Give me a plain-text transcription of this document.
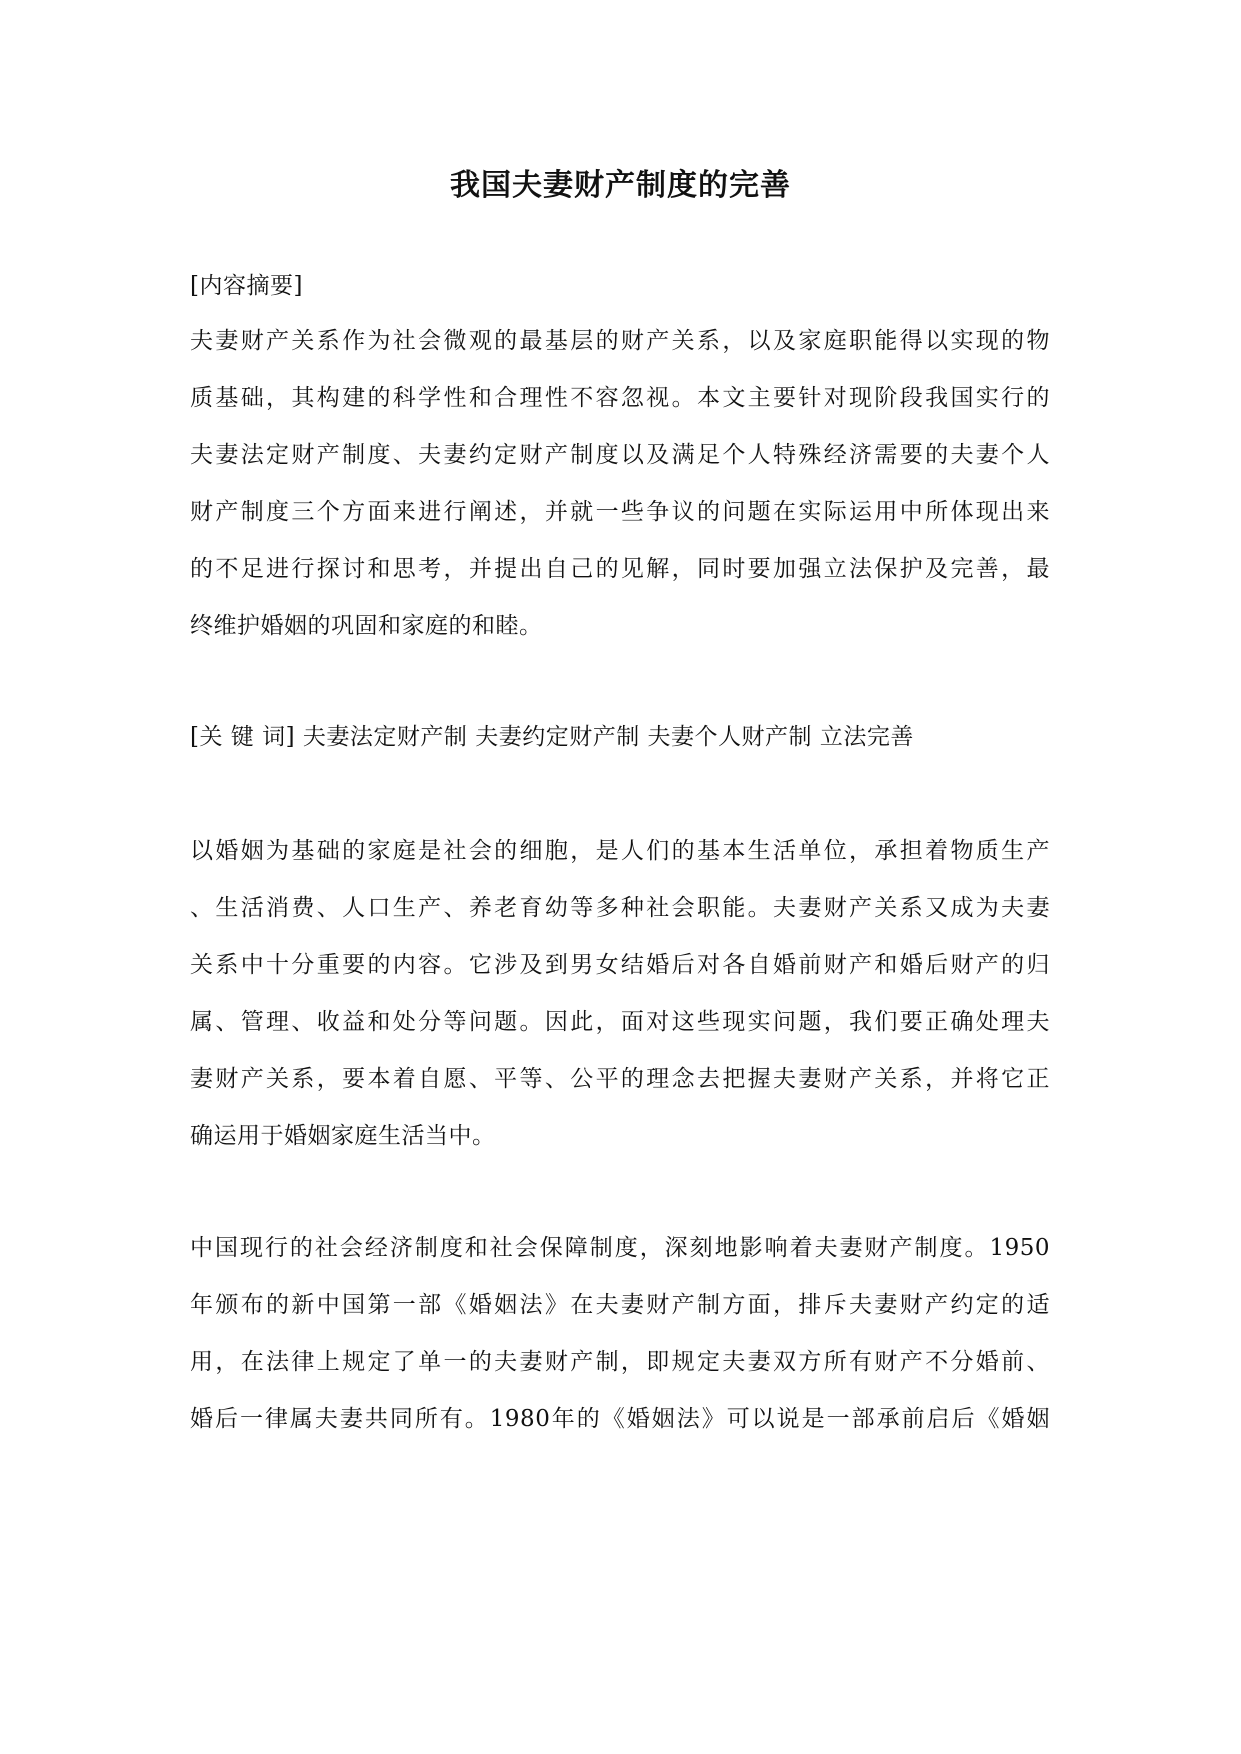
我国夫妻财产制度的完善
[内容摘要]
夫妻财产关系作为社会微观的最基层的财产关系，以及家庭职能得以实现的物
质基础，其构建的科学性和合理性不容忽视。本文主要针对现阶段我国实行的
夫妻法定财产制度、夫妻约定财产制度以及满足个人特殊经济需要的夫妻个人
财产制度三个方面来进行阐述，并就一些争议的问题在实际运用中所体现出来
的不足进行探讨和思考，并提出自己的见解，同时要加强立法保护及完善，最
终维护婚姻的巩固和家庭的和睦。
[关 键 词] 夫妻法定财产制 夫妻约定财产制 夫妻个人财产制 立法完善
以婚姻为基础的家庭是社会的细胞，是人们的基本生活单位，承担着物质生产
、生活消费、人口生产、养老育幼等多种社会职能。夫妻财产关系又成为夫妻
关系中十分重要的内容。它涉及到男女结婚后对各自婚前财产和婚后财产的归
属、管理、收益和处分等问题。因此，面对这些现实问题，我们要正确处理夫
妻财产关系，要本着自愿、平等、公平的理念去把握夫妻财产关系，并将它正
确运用于婚姻家庭生活当中。
中国现行的社会经济制度和社会保障制度，深刻地影响着夫妻财产制度。1950
年颁布的新中国第一部《婚姻法》在夫妻财产制方面，排斥夫妻财产约定的适
用，在法律上规定了单一的夫妻财产制，即规定夫妻双方所有财产不分婚前、
婚后一律属夫妻共同所有。1980年的《婚姻法》可以说是一部承前启后《婚姻
